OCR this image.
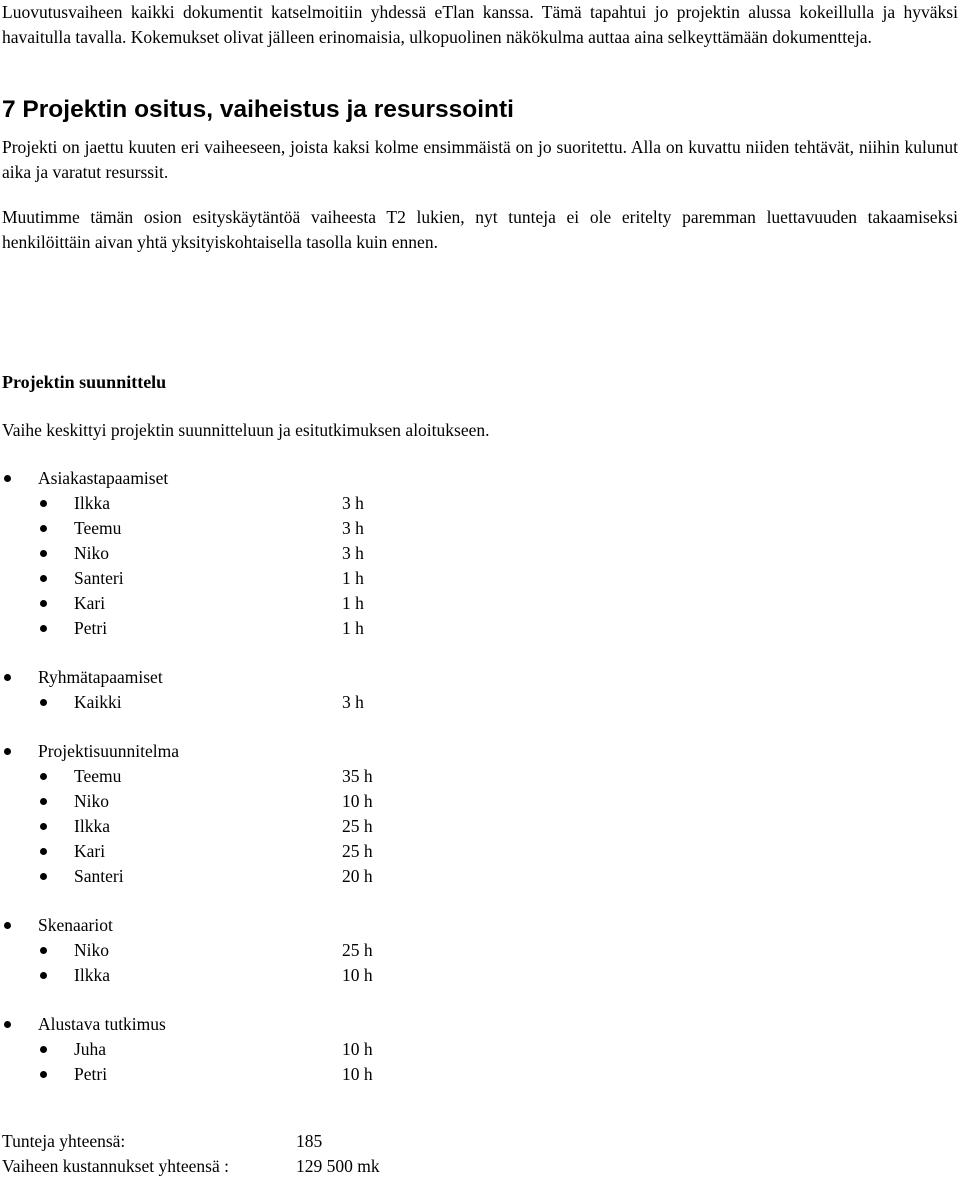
Luovutusvaiheen kaikki dokumentit katselmoitiin yhdessä eTlan kanssa. Tämä tapahtui jo projektin alussa kokeillulla ja hyväksi havaitulla tavalla. Kokemukset olivat jälleen erinomaisia, ulkopuolinen näkökulma auttaa aina selkeyttämään dokumentteja.

7 Projektin ositus, vaiheistus ja resurssointi

Projekti on jaettu kuuten eri vaiheeseen, joista kaksi kolme ensimmäistä on jo suoritettu. Alla on kuvattu niiden tehtävät, niihin kulunut aika ja varatut resurssit.

Muutimme tämän osion esityskäytäntöä vaiheesta T2 lukien, nyt tunteja ei ole eritelty paremman luettavuuden takaamiseksi henkilöittäin aivan yhtä yksityiskohtaisella tasolla kuin ennen.

Projektin suunnittelu

Vaihe keskittyi projektin suunnitteluun ja esitutkimuksen aloitukseen.

Asiakastapaamiset
Ilkka	3 h
Teemu	3 h
Niko	3 h
Santeri	1 h
Kari	1 h
Petri	1 h
Ryhmätapaamiset
Kaikki	3 h
Projektisuunnitelma
Teemu	35 h
Niko	10 h
Ilkka	25 h
Kari	25 h
Santeri	20 h
Skenaariot
Niko	25 h
Ilkka	10 h
Alustava tutkimus
Juha	10 h
Petri	10 h
Tunteja yhteensä:	185
Vaiheen kustannukset yhteensä :	129 500 mk
